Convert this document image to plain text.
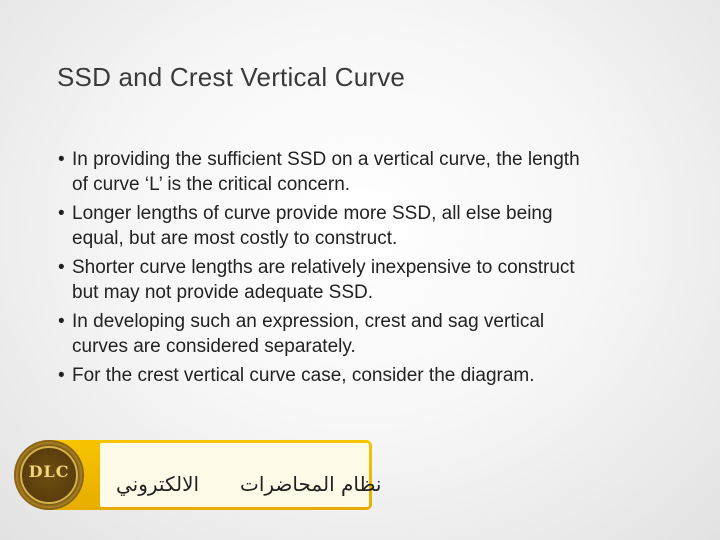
SSD and Crest Vertical Curve
• In providing the sufficient SSD on a vertical curve, the length
of curve ‘L’ is the critical concern.
• Longer lengths of curve provide more SSD, all else being
equal, but are most costly to construct.
• Shorter curve lengths are relatively inexpensive to construct
but may not provide adequate SSD.
• In developing such an expression, crest and sag vertical
curves are considered separately.
• For the crest vertical curve case, consider the diagram.
DLC
نظام المحاضرات
الالكتروني
